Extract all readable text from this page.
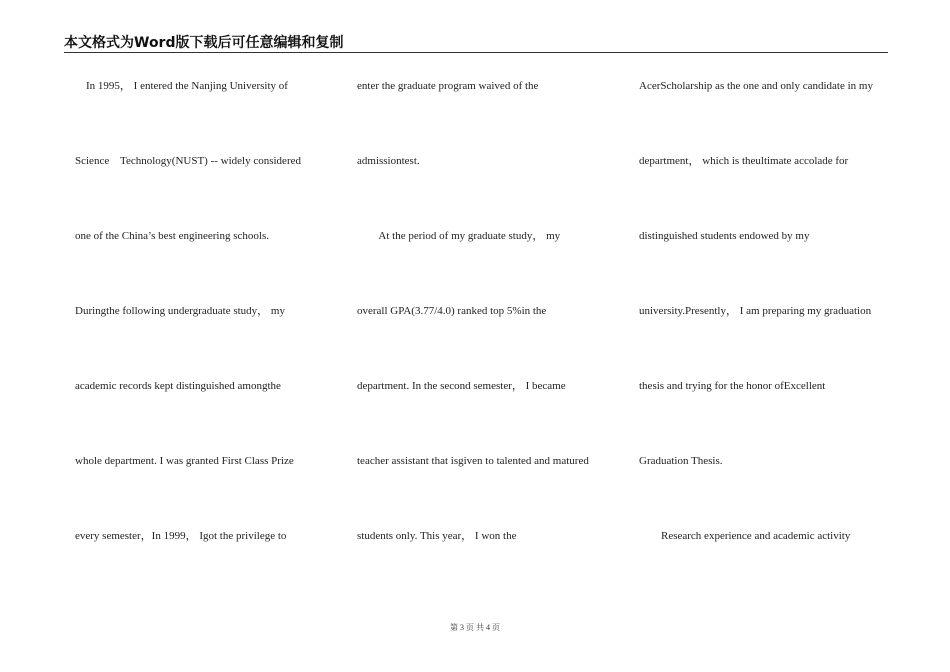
本文格式为Word版下载后可任意编辑和复制
In 1995， I entered the Nanjing University of
Science    Technology(NUST) -- widely considered
one of the China’s best engineering schools.
Duringthe following undergraduate study， my
academic records kept distinguished amongthe
whole department. I was granted First Class Prize
every semester，In 1999， Igot the privilege to
enter the graduate program waived of the
admissiontest.
At the period of my graduate study， my
overall GPA(3.77/4.0) ranked top 5%in the
department. In the second semester， I became
teacher assistant that isgiven to talented and matured
students only. This year， I won the
AcerScholarship as the one and only candidate in my
department， which is theultimate accolade for
distinguished students endowed by my
university.Presently， I am preparing my graduation
thesis and trying for the honor ofExcellent
Graduation Thesis.
Research experience and academic activity
第 3 页 共 4 页
